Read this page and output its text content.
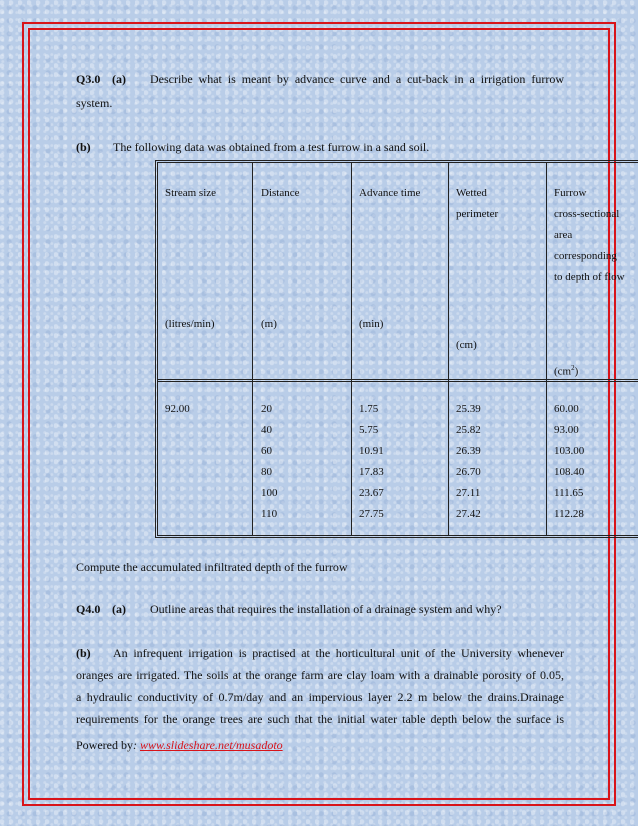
Q3.0 (a) Describe what is meant by advance curve and a cut-back in a irrigation furrow
system.
(b) The following data was obtained from a test furrow in a sand soil.
Stream size
(litres/min)
Distance
(m)
Advance time
(min)
Wetted
perimeter
(cm)
Furrow
cross-sectional
area
corresponding
to depth of flow
$(cm^2)$
92.00	20
40
60
80
100
110
1.75
5.75
10.91
17.83
23.67
27.75
25.39
25.82
26.39
26.70
27.11
27.42
60.00
93.00
103.00
108.40
111.65
112.28
Compute the accumulated infiltrated depth of the furrow
Q4.0 (a) Outline areas that requires the installation of a drainage system and why?
(b) An infrequent irrigation is practised at the horticultural unit of the University whenever
oranges are irrigated. The soils at the orange farm are clay loam with a drainable porosity of 0.05,
a hydraulic conductivity of 0.7m/day and an impervious layer 2.2 m below the drains.Drainage
requirements for the orange trees are such that the initial water table depth below the surface is
Powered by: www.slideshare.net/musadoto
